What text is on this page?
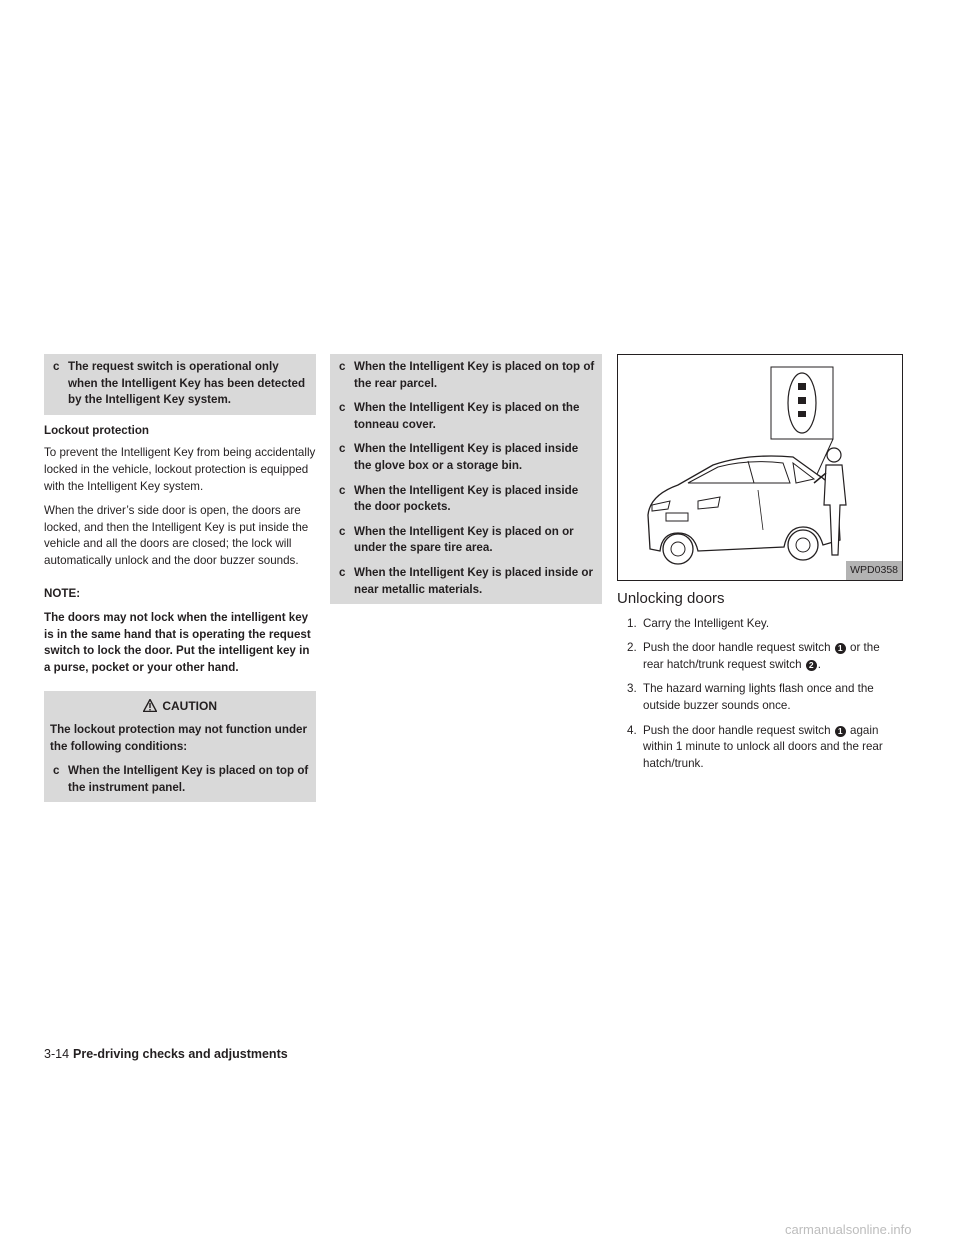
c The request switch is operational only when the Intelligent Key has been detected by the Intelligent Key system.
Lockout protection

To prevent the Intelligent Key from being accidentally locked in the vehicle, lockout protection is equipped with the Intelligent Key system.

When the driver’s side door is open, the doors are locked, and then the Intelligent Key is put inside the vehicle and all the doors are closed; the lock will automatically unlock and the door buzzer sounds.

NOTE:
The doors may not lock when the intelligent key is in the same hand that is operating the request switch to lock the door. Put the intelligent key in a purse, pocket or your other hand.
CAUTION
The lockout protection may not function under the following conditions:
c When the Intelligent Key is placed on top of the instrument panel.
c When the Intelligent Key is placed on top of the rear parcel.
c When the Intelligent Key is placed on the tonneau cover.
c When the Intelligent Key is placed inside the glove box or a storage bin.
c When the Intelligent Key is placed inside the door pockets.
c When the Intelligent Key is placed on or under the spare tire area.
c When the Intelligent Key is placed inside or near metallic materials.
WPD0358
Unlocking doors
1. Carry the Intelligent Key.
2. Push the door handle request switch 1 or the rear hatch/trunk request switch 2 .
3. The hazard warning lights flash once and the outside buzzer sounds once.
4. Push the door handle request switch 1 again within 1 minute to unlock all doors and the rear hatch/trunk.
3-14 Pre-driving checks and adjustments
carmanualsonline.info
